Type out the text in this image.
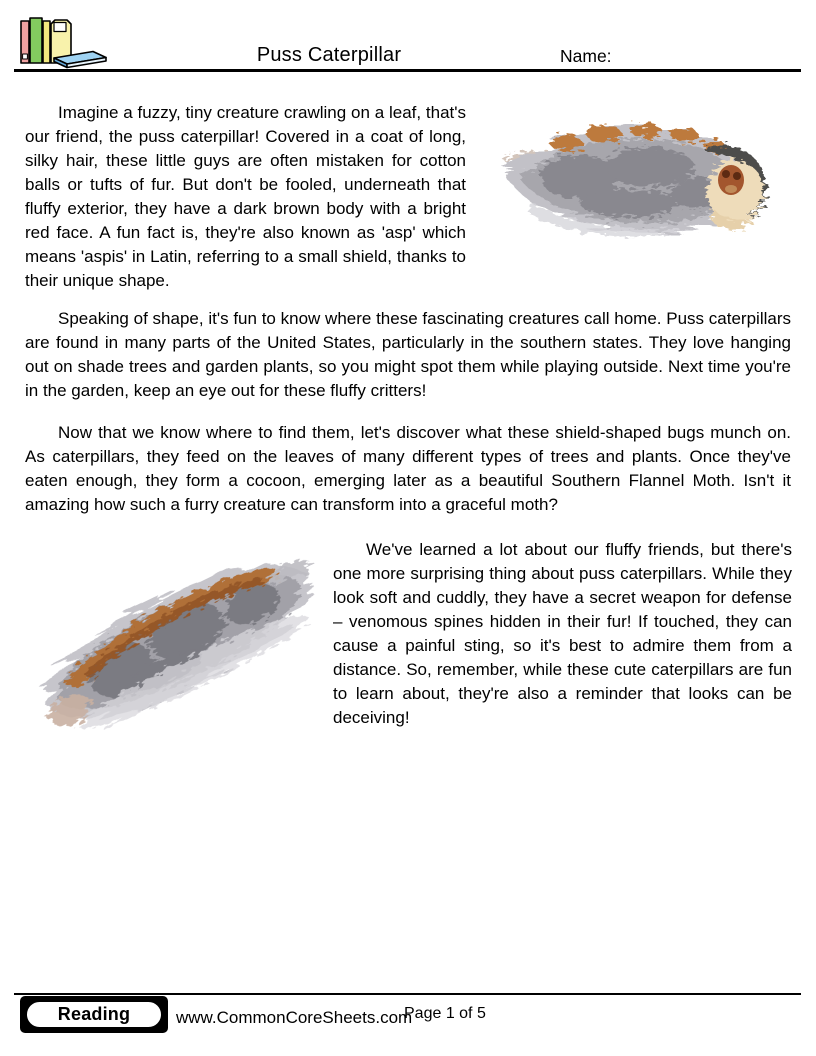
Puss Caterpillar	Name:

Imagine a fuzzy, tiny creature crawling on a leaf, that's our friend, the puss caterpillar! Covered in a coat of long, silky hair, these little guys are often mistaken for cotton balls or tufts of fur. But don't be fooled, underneath that fluffy exterior, they have a dark brown body with a bright red face. A fun fact is, they're also known as 'asp' which means 'aspis' in Latin, referring to a small shield, thanks to their unique shape.

Speaking of shape, it's fun to know where these fascinating creatures call home. Puss caterpillars are found in many parts of the United States, particularly in the southern states. They love hanging out on shade trees and garden plants, so you might spot them while playing outside. Next time you're in the garden, keep an eye out for these fluffy critters!

Now that we know where to find them, let's discover what these shield-shaped bugs munch on. As caterpillars, they feed on the leaves of many different types of trees and plants. Once they've eaten enough, they form a cocoon, emerging later as a beautiful Southern Flannel Moth. Isn't it amazing how such a furry creature can transform into a graceful moth?

We've learned a lot about our fluffy friends, but there's one more surprising thing about puss caterpillars. While they look soft and cuddly, they have a secret weapon for defense – venomous spines hidden in their fur! If touched, they can cause a painful sting, so it's best to admire them from a distance. So, remember, while these cute caterpillars are fun to learn about, they're also a reminder that looks can be deceiving!

Reading	www.CommonCoreSheets.com
Page 1 of 5
